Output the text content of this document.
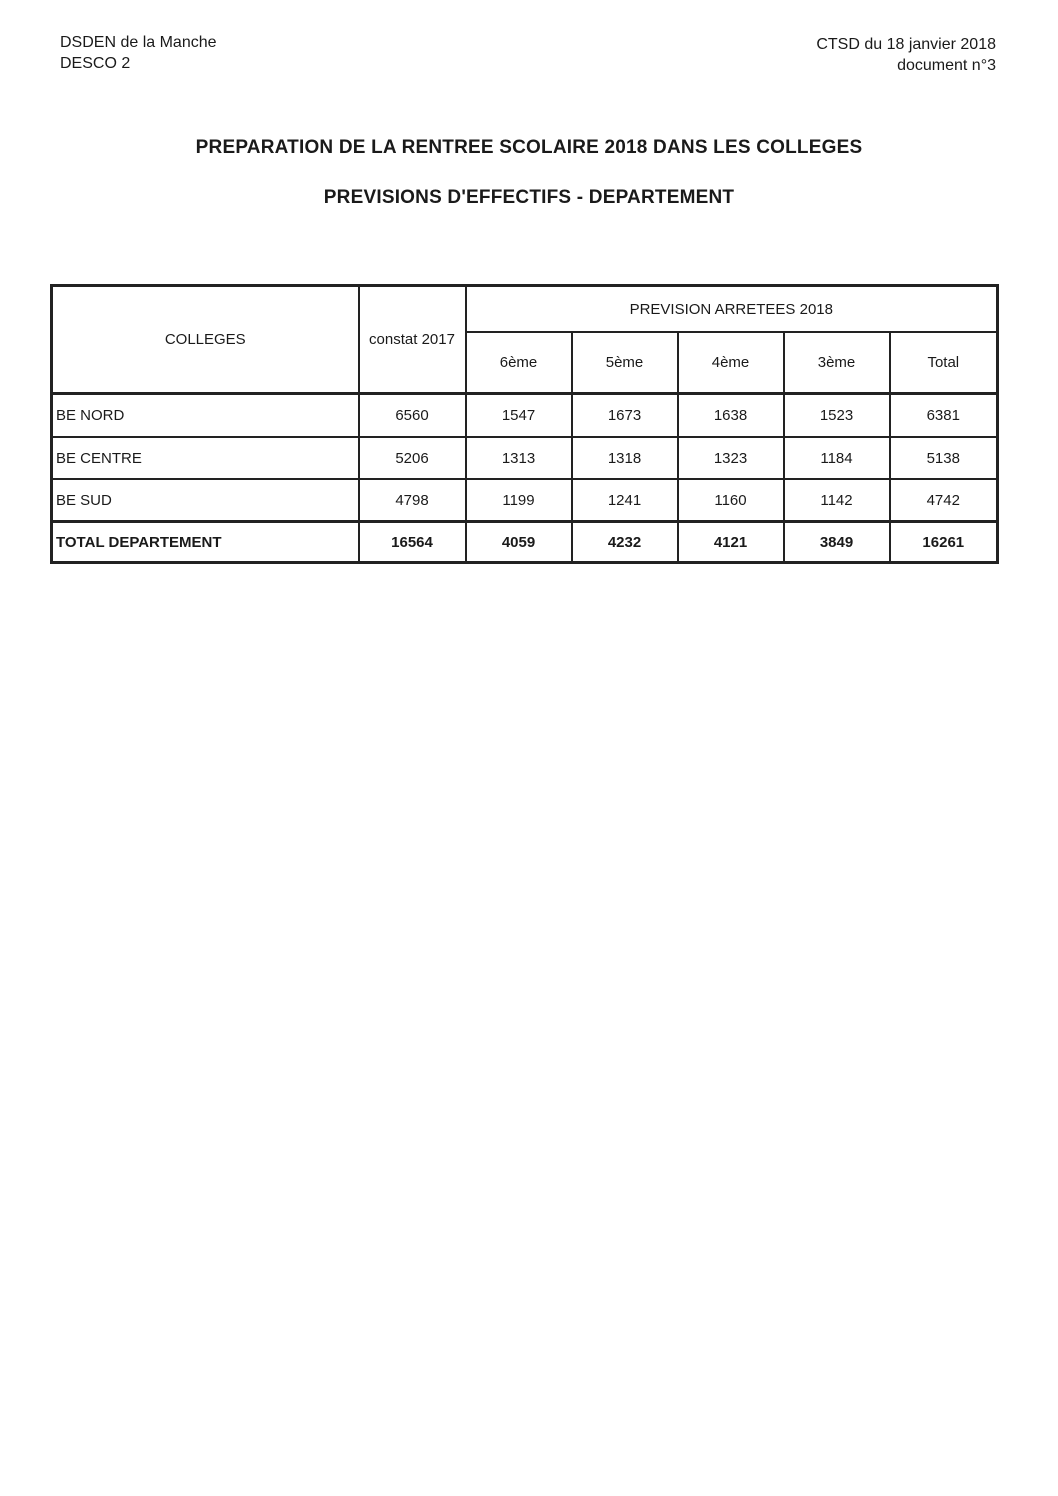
DSDEN de la Manche
DESCO 2
CTSD du 18 janvier 2018
document n°3
PREPARATION DE LA RENTREE SCOLAIRE 2018 DANS LES COLLEGES
PREVISIONS D'EFFECTIFS - DEPARTEMENT
COLLEGES	constat 2017	PREVISION ARRETEES 2018				
		6ème	5ème	4ème	3ème	Total
BE NORD	6560	1547	1673	1638	1523	6381
BE CENTRE	5206	1313	1318	1323	1184	5138
BE SUD	4798	1199	1241	1160	1142	4742
TOTAL DEPARTEMENT	16564	4059	4232	4121	3849	16261
